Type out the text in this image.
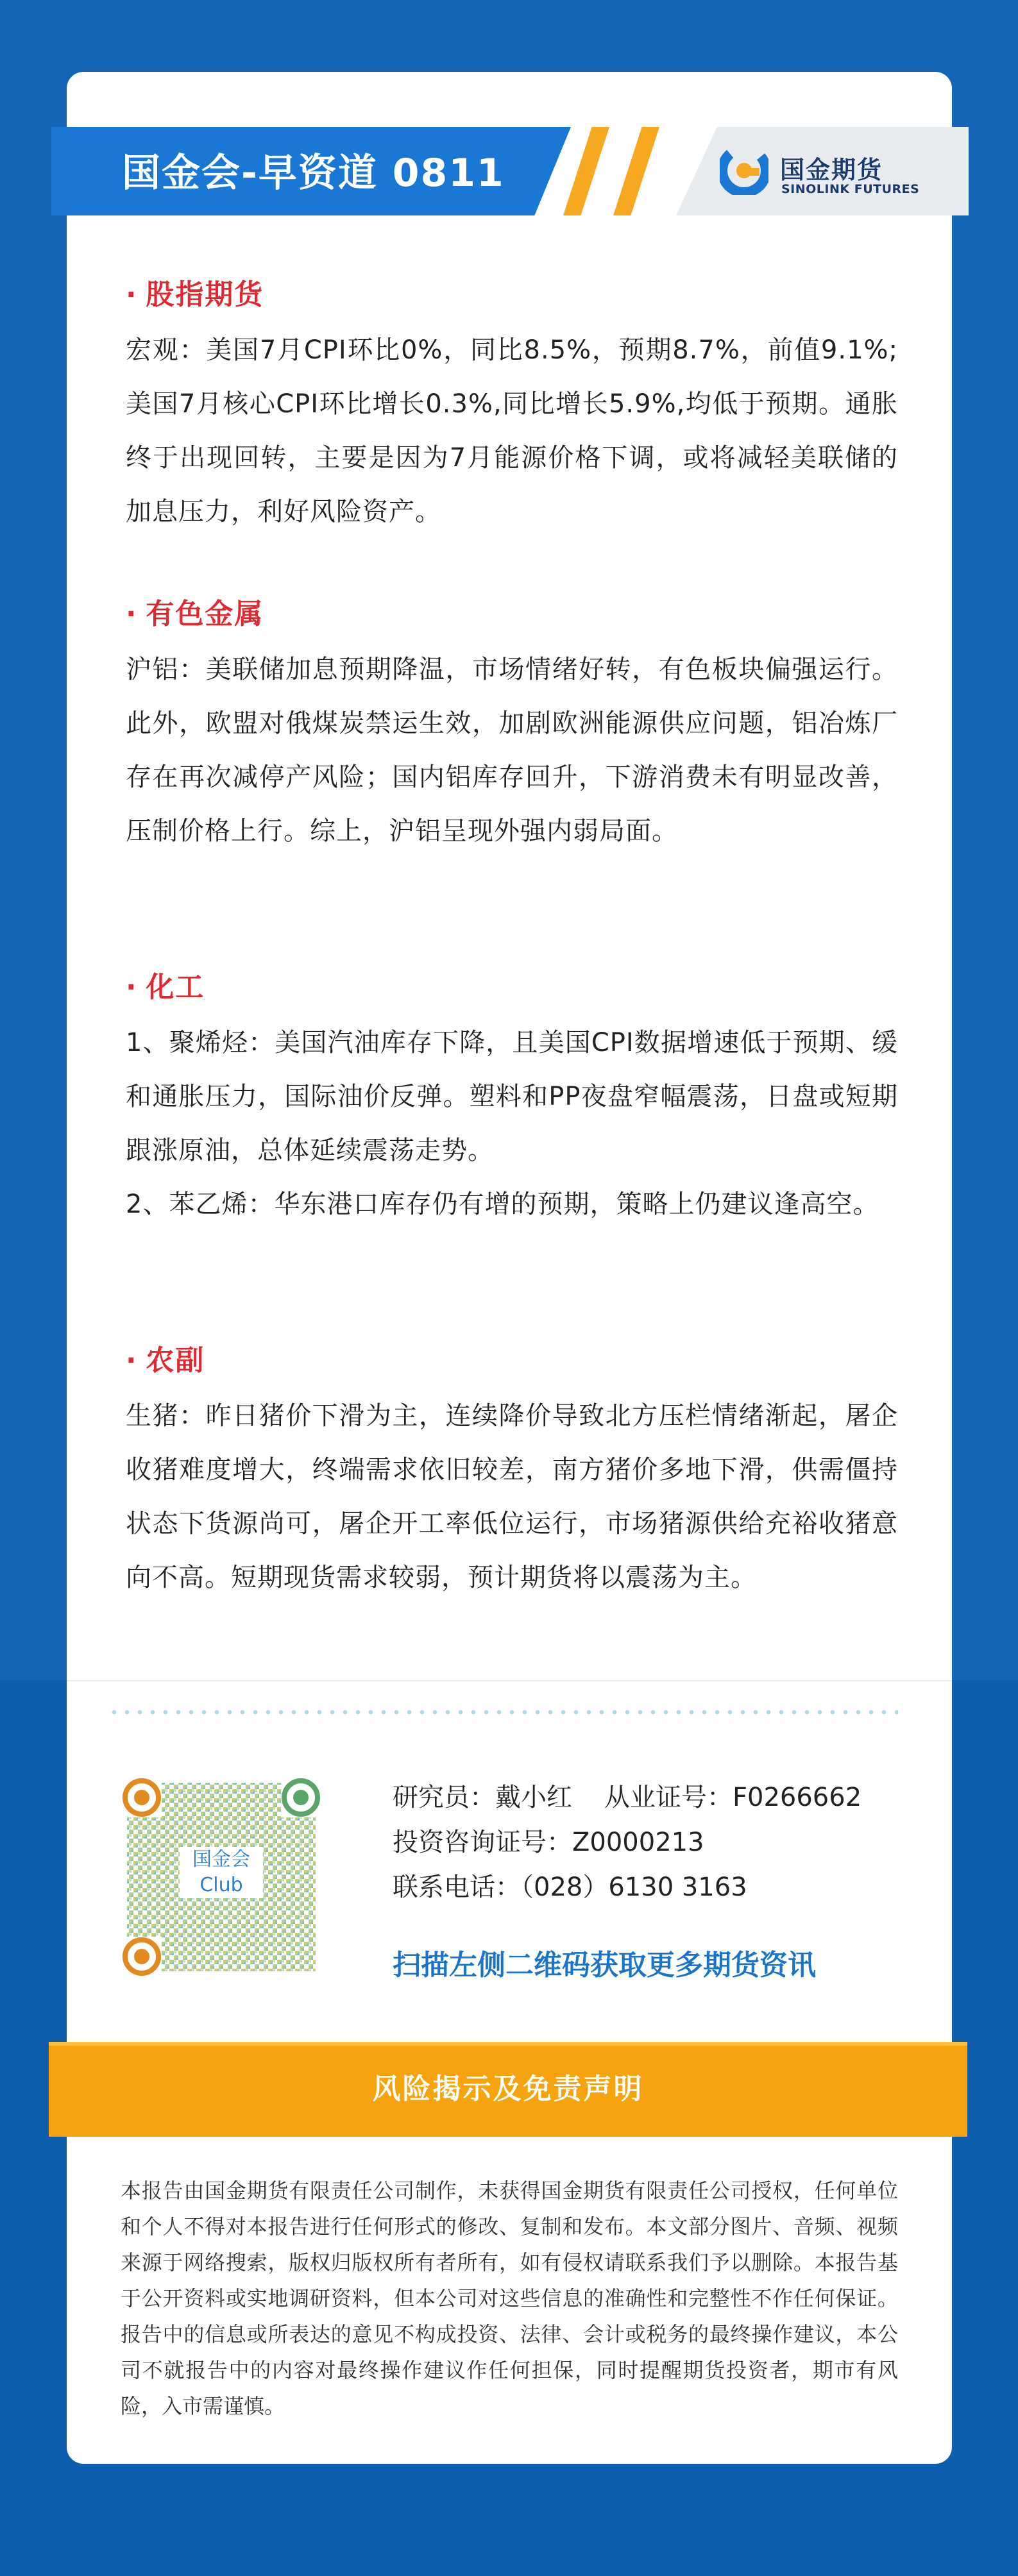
国金会-早资道 0811	国金期货
SINOLINK FUTURES
· 股指期货

宏观：美国7月CPI环比0%，同比8.5%，预期8.7%，前值9.1%;美国7月核心CPI环比增长0.3%,同比增长5.9%,均低于预期。通胀终于出现回转，主要是因为7月能源价格下调，或将减轻美联储的加息压力，利好风险资产。

· 有色金属

沪铝：美联储加息预期降温，市场情绪好转，有色板块偏强运行。此外，欧盟对俄煤炭禁运生效，加剧欧洲能源供应问题，铝冶炼厂存在再次减停产风险；国内铝库存回升，下游消费未有明显改善，压制价格上行。综上，沪铝呈现外强内弱局面。

· 化工

1、聚烯烃：美国汽油库存下降，且美国CPI数据增速低于预期、缓和通胀压力，国际油价反弹。塑料和PP夜盘窄幅震荡，日盘或短期跟涨原油，总体延续震荡走势。

2、苯乙烯：华东港口库存仍有增的预期，策略上仍建议逢高空。

· 农副

生猪：昨日猪价下滑为主，连续降价导致北方压栏情绪渐起，屠企收猪难度增大，终端需求依旧较差，南方猪价多地下滑，供需僵持状态下货源尚可，屠企开工率低位运行，市场猪源供给充裕收猪意向不高。短期现货需求较弱，预计期货将以震荡为主。

国金会
Club
研究员：戴小红 从业证号：F0266662
投资咨询证号：Z0000213
联系电话：（028）6130 3163
扫描左侧二维码获取更多期货资讯
风险揭示及免责声明
本报告由国金期货有限责任公司制作，未获得国金期货有限责任公司授权，任何单位和个人不得对本报告进行任何形式的修改、复制和发布。本文部分图片、音频、视频来源于网络搜索，版权归版权所有者所有，如有侵权请联系我们予以删除。本报告基于公开资料或实地调研资料，但本公司对这些信息的准确性和完整性不作任何保证。报告中的信息或所表达的意见不构成投资、法律、会计或税务的最终操作建议，本公司不就报告中的内容对最终操作建议作任何担保，同时提醒期货投资者，期市有风险，入市需谨慎。
